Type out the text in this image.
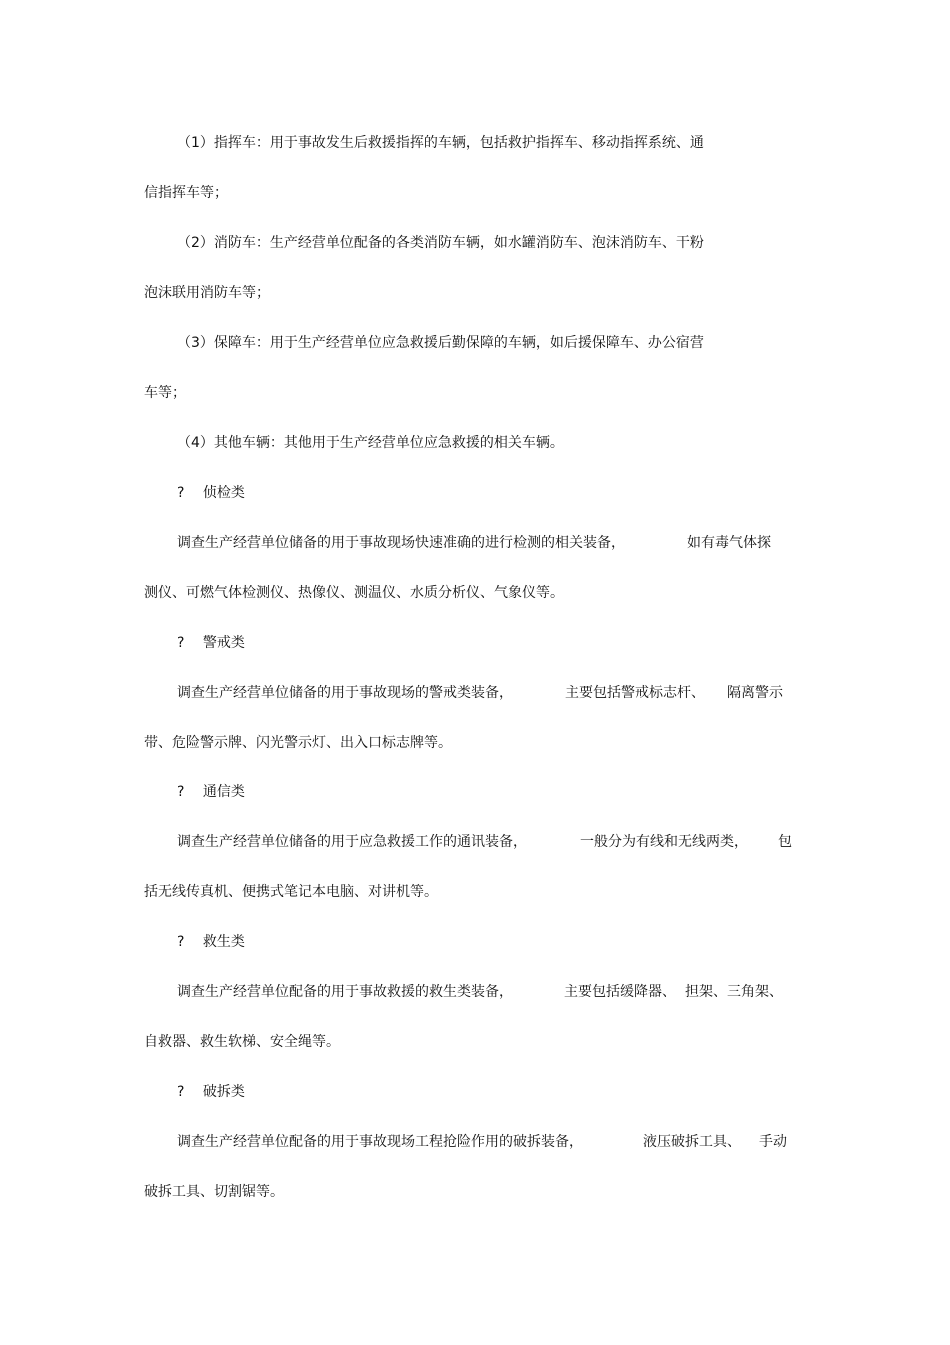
（1）指挥车：用于事故发生后救援指挥的车辆，包括救护指挥车、移动指挥系统、通

信指挥车等；

（2）消防车：生产经营单位配备的各类消防车辆，如水罐消防车、泡沫消防车、干粉

泡沫联用消防车等；

（3）保障车：用于生产经营单位应急救援后勤保障的车辆，如后援保障车、办公宿营

车等；

（4）其他车辆：其他用于生产经营单位应急救援的相关车辆。

? 侦检类

调查生产经营单位储备的用于事故现场快速准确的进行检测的相关装备，	如有毒气体探

测仪、可燃气体检测仪、热像仪、测温仪、水质分析仪、气象仪等。

? 警戒类

调查生产经营单位储备的用于事故现场的警戒类装备，	主要包括警戒标志杆、 隔离警示

带、危险警示牌、闪光警示灯、出入口标志牌等。

? 通信类

调查生产经营单位储备的用于应急救援工作的通讯装备，	一般分为有线和无线两类， 包

括无线传真机、便携式笔记本电脑、对讲机等。

? 救生类

调查生产经营单位配备的用于事故救援的救生类装备，	主要包括缓降器、 担架、三角架、

自救器、救生软梯、安全绳等。

? 破拆类

调查生产经营单位配备的用于事故现场工程抢险作用的破拆装备，	液压破拆工具、 手动

破拆工具、切割锯等。
